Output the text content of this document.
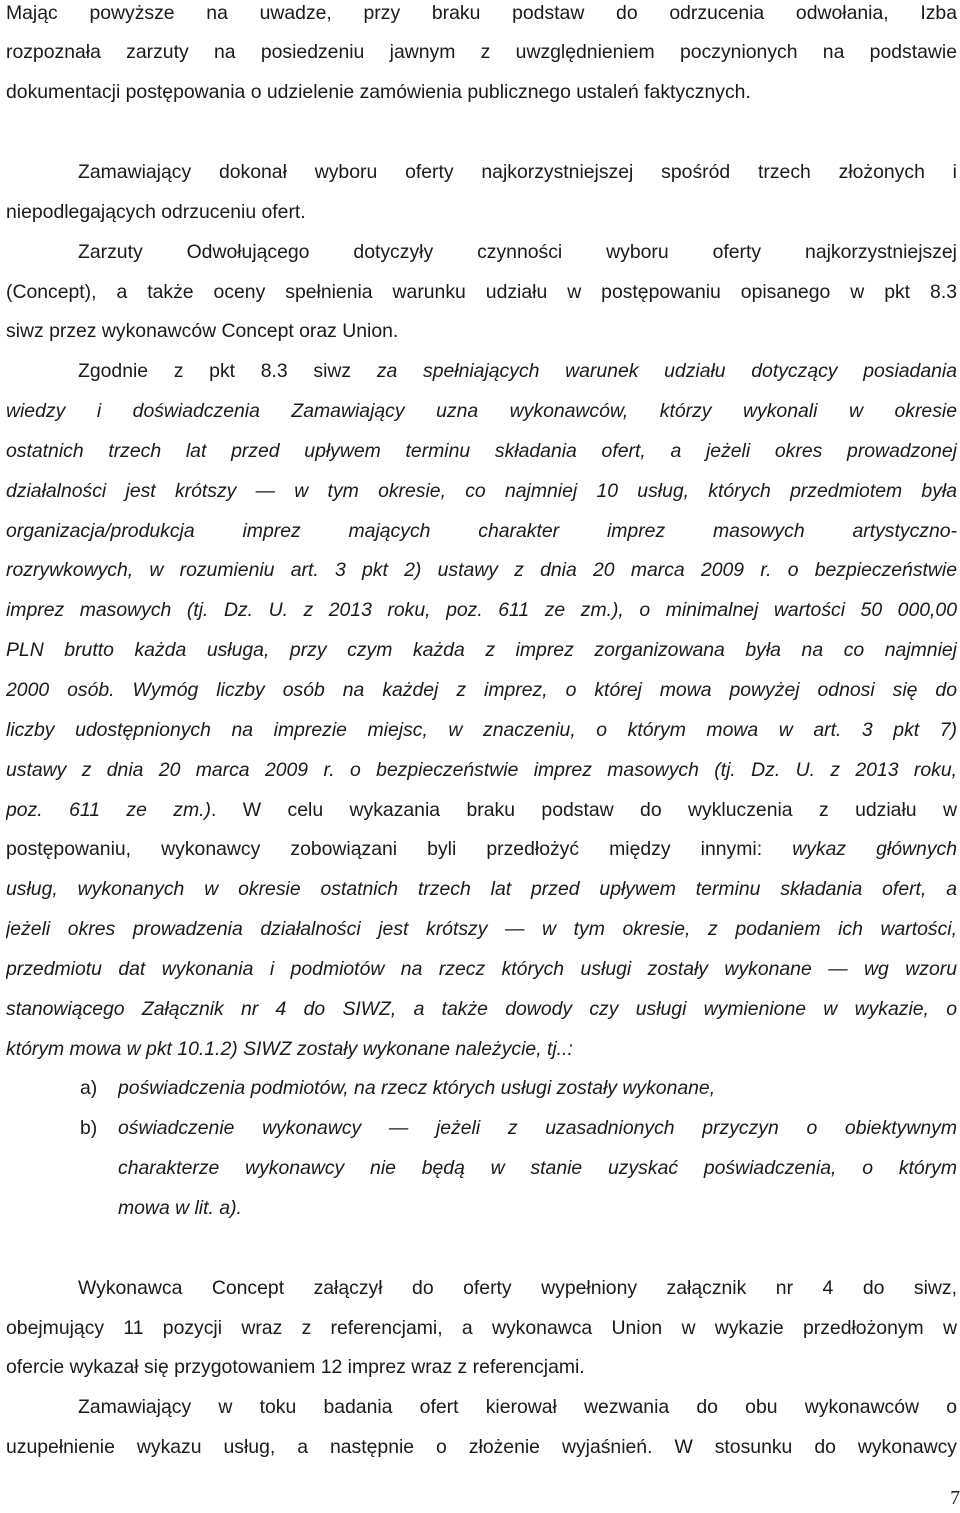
Mając powyższe na uwadze, przy braku podstaw do odrzucenia odwołania, Izba
rozpoznała zarzuty na posiedzeniu jawnym z uwzględnieniem poczynionych na podstawie
dokumentacji postępowania o udzielenie zamówienia publicznego ustaleń faktycznych.
Zamawiający dokonał wyboru oferty najkorzystniejszej spośród trzech złożonych i
niepodlegających odrzuceniu ofert.
Zarzuty Odwołującego dotyczyły czynności wyboru oferty najkorzystniejszej
(Concept), a także oceny spełnienia warunku udziału w postępowaniu opisanego w pkt 8.3
siwz przez wykonawców Concept oraz Union.
Zgodnie z pkt 8.3 siwz za spełniających warunek udziału dotyczący posiadania
wiedzy i doświadczenia Zamawiający uzna wykonawców, którzy wykonali w okresie
ostatnich trzech lat przed upływem terminu składania ofert, a jeżeli okres prowadzonej
działalności jest krótszy — w tym okresie, co najmniej 10 usług, których przedmiotem była
organizacja/produkcja imprez mających charakter imprez masowych artystyczno-
rozrywkowych, w rozumieniu art. 3 pkt 2) ustawy z dnia 20 marca 2009 r. o bezpieczeństwie
imprez masowych (tj. Dz. U. z 2013 roku, poz. 611 ze zm.), o minimalnej wartości 50 000,00
PLN brutto każda usługa, przy czym każda z imprez zorganizowana była na co najmniej
2000 osób. Wymóg liczby osób na każdej z imprez, o której mowa powyżej odnosi się do
liczby udostępnionych na imprezie miejsc, w znaczeniu, o którym mowa w art. 3 pkt 7)
ustawy z dnia 20 marca 2009 r. o bezpieczeństwie imprez masowych (tj. Dz. U. z 2013 roku,
poz. 611 ze zm.). W celu wykazania braku podstaw do wykluczenia z udziału w
postępowaniu, wykonawcy zobowiązani byli przedłożyć między innymi: wykaz głównych
usług, wykonanych w okresie ostatnich trzech lat przed upływem terminu składania ofert, a
jeżeli okres prowadzenia działalności jest krótszy — w tym okresie, z podaniem ich wartości,
przedmiotu dat wykonania i podmiotów na rzecz których usługi zostały wykonane — wg wzoru
stanowiącego Załącznik nr 4 do SIWZ, a także dowody czy usługi wymienione w wykazie, o
którym mowa w pkt 10.1.2) SIWZ zostały wykonane należycie, tj..:
a) poświadczenia podmiotów, na rzecz których usługi zostały wykonane,
b) oświadczenie wykonawcy — jeżeli z uzasadnionych przyczyn o obiektywnym
charakterze wykonawcy nie będą w stanie uzyskać poświadczenia, o którym
mowa w lit. a).
Wykonawca Concept załączył do oferty wypełniony załącznik nr 4 do siwz,
obejmujący 11 pozycji wraz z referencjami, a wykonawca Union w wykazie przedłożonym w
ofercie wykazał się przygotowaniem 12 imprez wraz z referencjami.
Zamawiający w toku badania ofert kierował wezwania do obu wykonawców o
uzupełnienie wykazu usług, a następnie o złożenie wyjaśnień. W stosunku do wykonawcy
7
